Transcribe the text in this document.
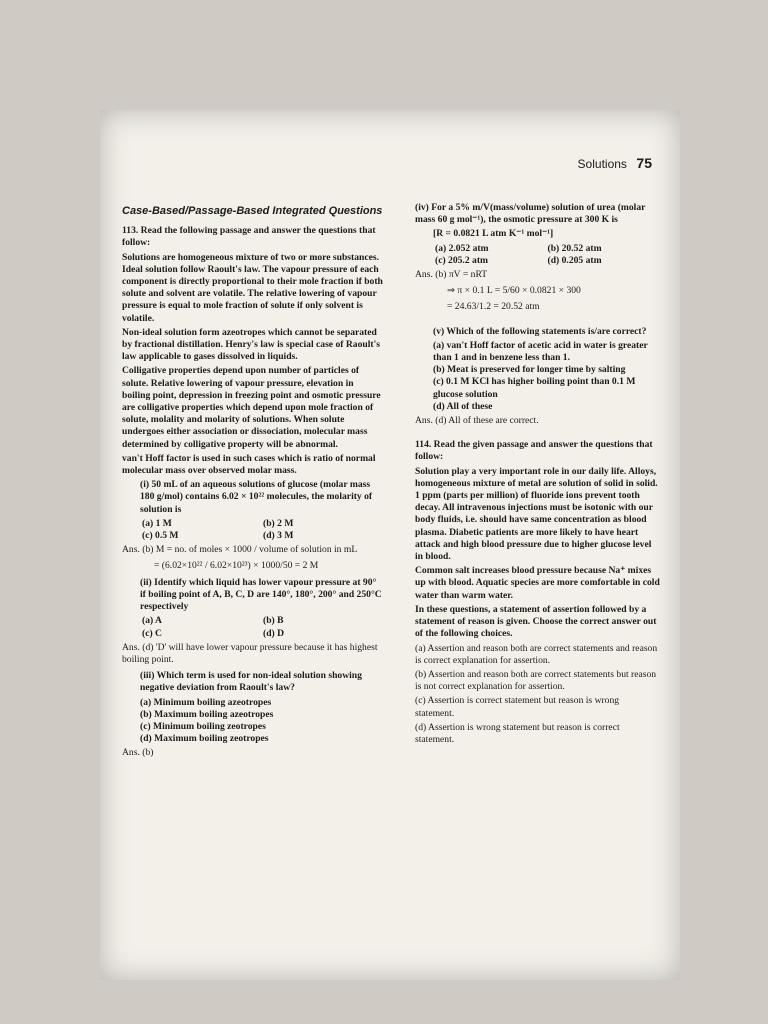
Solutions 75
Case-Based/Passage-Based Integrated Questions

113. Read the following passage and answer the questions that follow:

Solutions are homogeneous mixture of two or more substances. Ideal solution follow Raoult's law. The vapour pressure of each component is directly proportional to their mole fraction if both solute and solvent are volatile. The relative lowering of vapour pressure is equal to mole fraction of solute if only solvent is volatile.

Non-ideal solution form azeotropes which cannot be separated by fractional distillation. Henry's law is special case of Raoult's law applicable to gases dissolved in liquids.

Colligative properties depend upon number of particles of solute. Relative lowering of vapour pressure, elevation in boiling point, depression in freezing point and osmotic pressure are colligative properties which depend upon mole fraction of solute, molality and molarity of solutions. When solute undergoes either association or dissociation, molecular mass determined by colligative property will be abnormal.

van't Hoff factor is used in such cases which is ratio of normal molecular mass over observed molar mass.

(i) 50 mL of an aqueous solutions of glucose (molar mass 180 g/mol) contains 6.02 × 10²² molecules, the molarity of solution is

(a) 1 M	(b) 2 M
(c) 0.5 M	(d) 3 M

Ans. (b) M = no. of moles × 1000 / volume of solution in mL

= (6.02×10²² / 6.02×10²³) × 1000/50 = 2 M

(ii) Identify which liquid has lower vapour pressure at 90° if boiling point of A, B, C, D are 140°, 180°, 200° and 250°C respectively

(a) A	(b) B
(c) C	(d) D

Ans. (d) 'D' will have lower vapour pressure because it has highest boiling point.

(iii) Which term is used for non-ideal solution showing negative deviation from Raoult's law?

(a) Minimum boiling azeotropes
(b) Maximum boiling azeotropes
(c) Minimum boiling zeotropes
(d) Maximum boiling zeotropes

Ans. (b)

(iv) For a 5% m/V(mass/volume) solution of urea (molar mass 60 g mol⁻¹), the osmotic pressure at 300 K is

[R = 0.0821 L atm K⁻¹ mol⁻¹]

(a) 2.052 atm	(b) 20.52 atm
(c) 205.2 atm	(d) 0.205 atm

Ans. (b) πV = nRT

⇒ π × 0.1 L = 5/60 × 0.0821 × 300

= 24.63/1.2 = 20.52 atm

(v) Which of the following statements is/are correct?

(a) van't Hoff factor of acetic acid in water is greater than 1 and in benzene less than 1.
(b) Meat is preserved for longer time by salting
(c) 0.1 M KCl has higher boiling point than 0.1 M glucose solution
(d) All of these

Ans. (d) All of these are correct.

114. Read the given passage and answer the questions that follow:

Solution play a very important role in our daily life. Alloys, homogeneous mixture of metal are solution of solid in solid. 1 ppm (parts per million) of fluoride ions prevent tooth decay. All intravenous injections must be isotonic with our body fluids, i.e. should have same concentration as blood plasma. Diabetic patients are more likely to have heart attack and high blood pressure due to higher glucose level in blood.

Common salt increases blood pressure because Na⁺ mixes up with blood. Aquatic species are more comfortable in cold water than warm water.

In these questions, a statement of assertion followed by a statement of reason is given. Choose the correct answer out of the following choices.

(a) Assertion and reason both are correct statements and reason is correct explanation for assertion.
(b) Assertion and reason both are correct statements but reason is not correct explanation for assertion.
(c) Assertion is correct statement but reason is wrong statement.
(d) Assertion is wrong statement but reason is correct statement.
